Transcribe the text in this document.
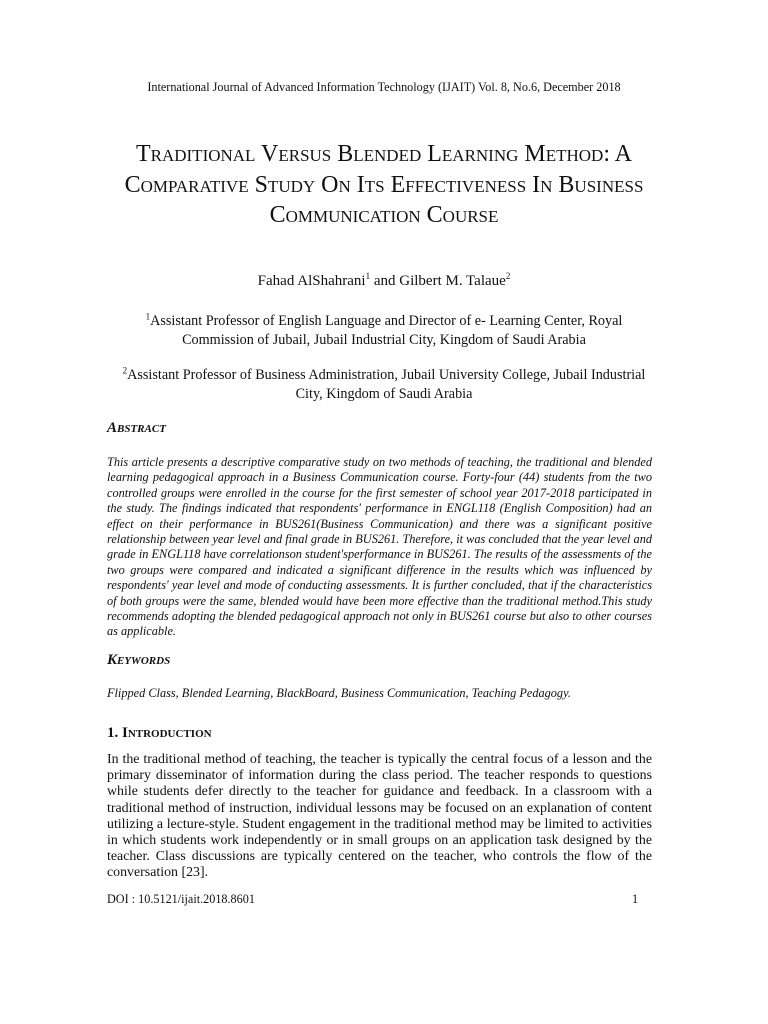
International Journal of Advanced Information Technology (IJAIT) Vol. 8, No.6, December 2018
Traditional Versus Blended Learning Method: A Comparative Study On Its Effectiveness In Business Communication Course
Fahad AlShahrani$^1$ and Gilbert M. Talaue$^2$
$^1$Assistant Professor of English Language and Director of e- Learning Center, Royal Commission of Jubail, Jubail Industrial City, Kingdom of Saudi Arabia
$^2$Assistant Professor of Business Administration, Jubail University College, Jubail Industrial City, Kingdom of Saudi Arabia
Abstract

This article presents a descriptive comparative study on two methods of teaching, the traditional and blended learning pedagogical approach in a Business Communication course. Forty-four (44) students from the two controlled groups were enrolled in the course for the first semester of school year 2017-2018 participated in the study. The findings indicated that respondents' performance in ENGL118 (English Composition) had an effect on their performance in BUS261(Business Communication) and there was a significant positive relationship between year level and final grade in BUS261. Therefore, it was concluded that the year level and grade in ENGL118 have correlationson student'sperformance in BUS261. The results of the assessments of the two groups were compared and indicated a significant difference in the results which was influenced by respondents' year level and mode of conducting assessments. It is further concluded, that if the characteristics of both groups were the same, blended would have been more effective than the traditional method.This study recommends adopting the blended pedagogical approach not only in BUS261 course but also to other courses as applicable.

Keywords

Flipped Class, Blended Learning, BlackBoard, Business Communication, Teaching Pedagogy.

1. Introduction

In the traditional method of teaching, the teacher is typically the central focus of a lesson and the primary disseminator of information during the class period. The teacher responds to questions while students defer directly to the teacher for guidance and feedback. In a classroom with a traditional method of instruction, individual lessons may be focused on an explanation of content utilizing a lecture-style. Student engagement in the traditional method may be limited to activities in which students work independently or in small groups on an application task designed by the teacher. Class discussions are typically centered on the teacher, who controls the flow of the conversation [23].

DOI : 10.5121/ijait.2018.8601	1
